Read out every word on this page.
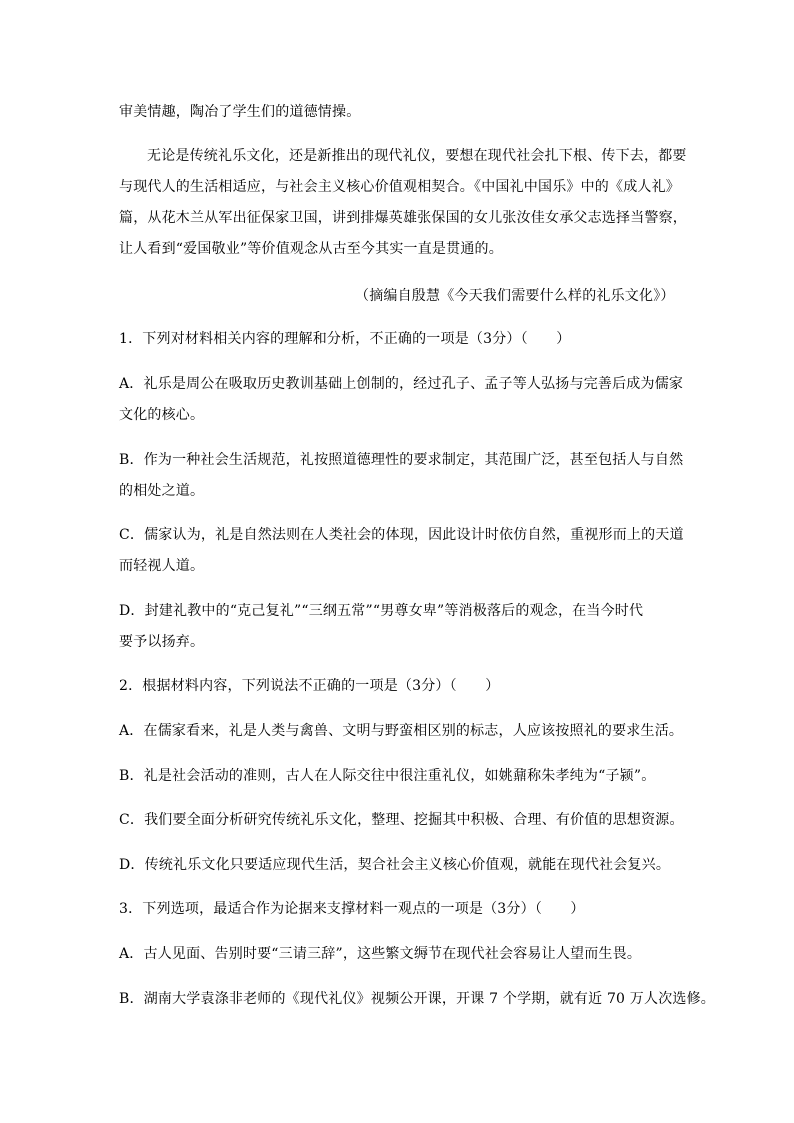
审美情趣，陶冶了学生们的道德情操。
无论是传统礼乐文化，还是新推出的现代礼仪，要想在现代社会扎下根、传下去，都要
与现代人的生活相适应，与社会主义核心价值观相契合。《中国礼中国乐》中的《成人礼》
篇，从花木兰从军出征保家卫国，讲到排爆英雄张保国的女儿张汝佳女承父志选择当警察，
让人看到“爱国敬业”等价值观念从古至今其实一直是贯通的。
（摘编自殷慧《今天我们需要什么样的礼乐文化》）
1．下列对材料相关内容的理解和分析，不正确的一项是（3分）（　　）
A．礼乐是周公在吸取历史教训基础上创制的，经过孔子、孟子等人弘扬与完善后成为儒家
文化的核心。
B．作为一种社会生活规范，礼按照道德理性的要求制定，其范围广泛，甚至包括人与自然
的相处之道。
C．儒家认为，礼是自然法则在人类社会的体现，因此设计时依仿自然，重视形而上的天道
而轻视人道。
D．封建礼教中的“克己复礼”“三纲五常”“男尊女卑”等消极落后的观念，在当今时代
要予以扬弃。
2．根据材料内容，下列说法不正确的一项是（3分）（　　）
A．在儒家看来，礼是人类与禽兽、文明与野蛮相区别的标志，人应该按照礼的要求生活。
B．礼是社会活动的准则，古人在人际交往中很注重礼仪，如姚鼐称朱孝纯为“子颍”。
C．我们要全面分析研究传统礼乐文化，整理、挖掘其中积极、合理、有价值的思想资源。
D．传统礼乐文化只要适应现代生活，契合社会主义核心价值观，就能在现代社会复兴。
3．下列选项，最适合作为论据来支撑材料一观点的一项是（3分）（　　）
A．古人见面、告别时要“三请三辞”，这些繁文缛节在现代社会容易让人望而生畏。
B．湖南大学袁涤非老师的《现代礼仪》视频公开课，开课 7 个学期，就有近 70 万人次选修。
